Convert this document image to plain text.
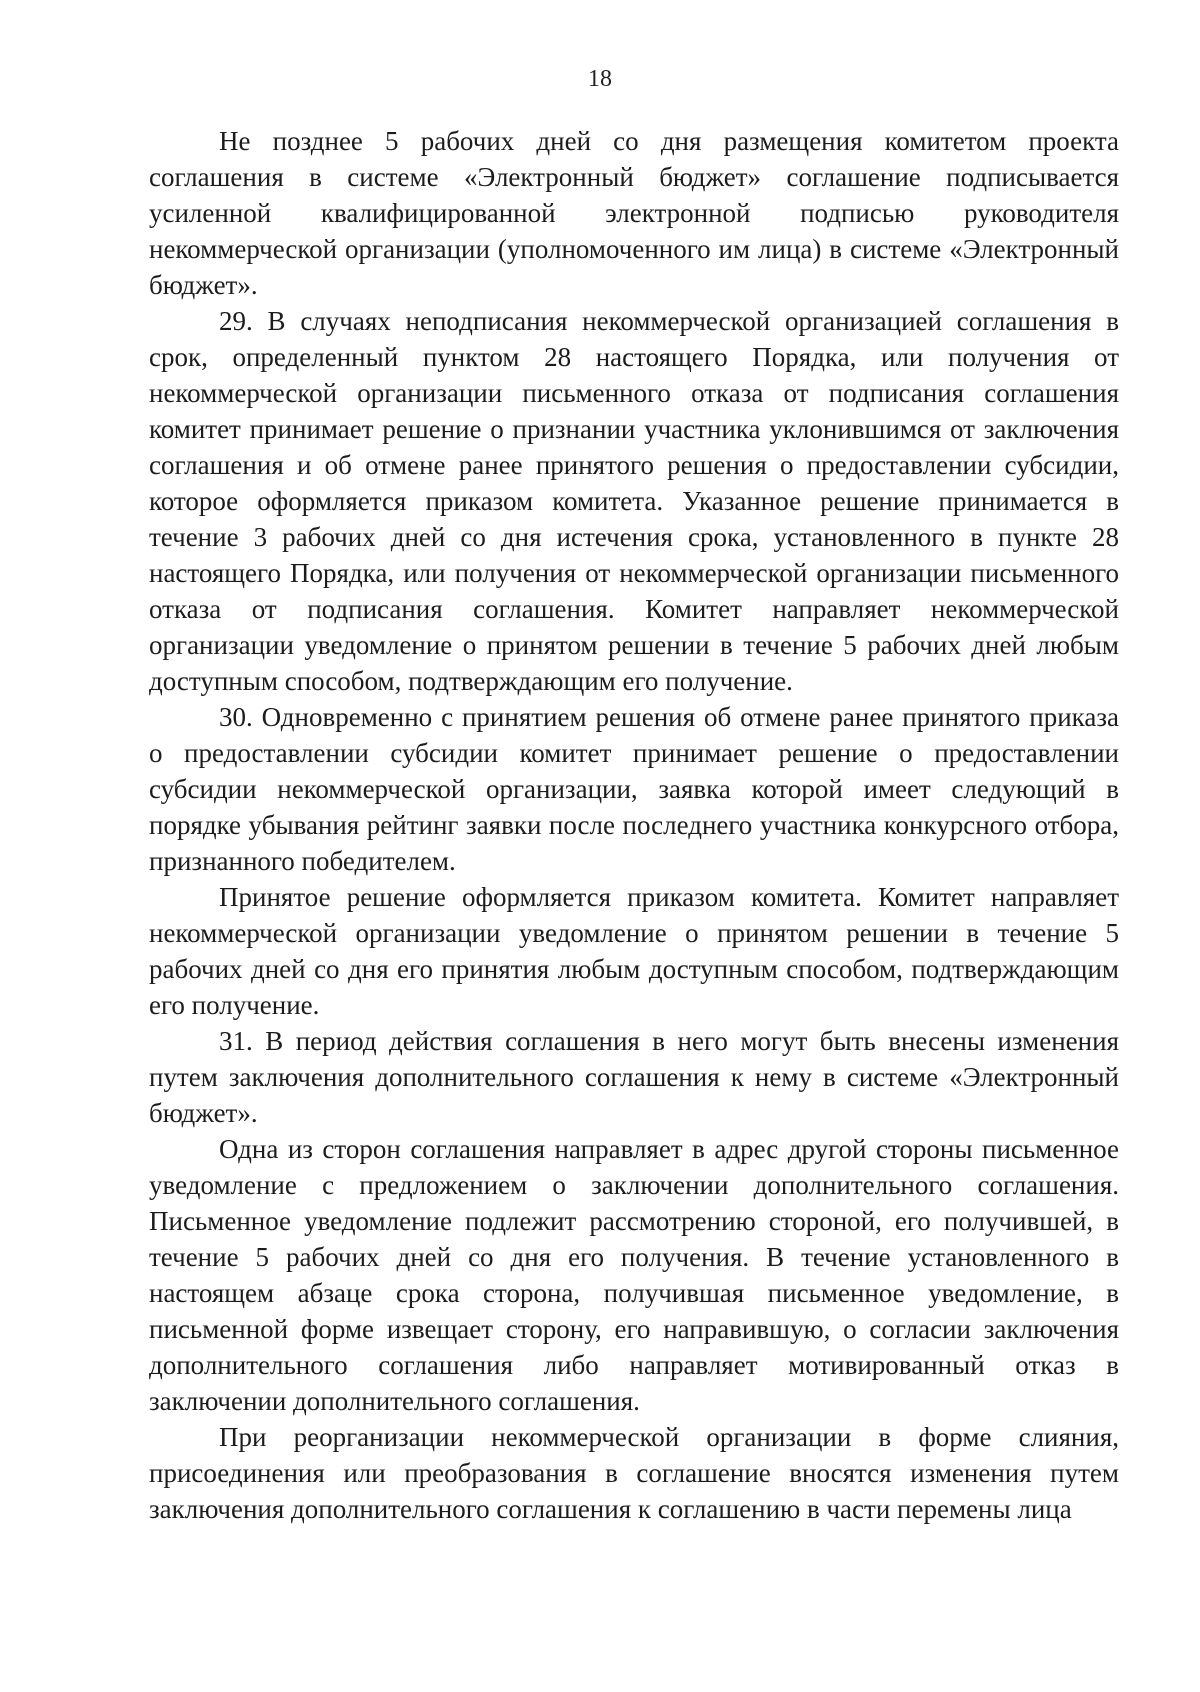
18

Не позднее 5 рабочих дней со дня размещения комитетом проекта соглашения в системе «Электронный бюджет» соглашение подписывается усиленной квалифицированной электронной подписью руководителя некоммерческой организации (уполномоченного им лица) в системе «Электронный бюджет».

29. В случаях неподписания некоммерческой организацией соглашения в срок, определенный пунктом 28 настоящего Порядка, или получения от некоммерческой организации письменного отказа от подписания соглашения комитет принимает решение о признании участника уклонившимся от заключения соглашения и об отмене ранее принятого решения о предоставлении субсидии, которое оформляется приказом комитета. Указанное решение принимается в течение 3 рабочих дней со дня истечения срока, установленного в пункте 28 настоящего Порядка, или получения от некоммерческой организации письменного отказа от подписания соглашения. Комитет направляет некоммерческой организации уведомление о принятом решении в течение 5 рабочих дней любым доступным способом, подтверждающим его получение.

30. Одновременно с принятием решения об отмене ранее принятого приказа о предоставлении субсидии комитет принимает решение о предоставлении субсидии некоммерческой организации, заявка которой имеет следующий в порядке убывания рейтинг заявки после последнего участника конкурсного отбора, признанного победителем.

Принятое решение оформляется приказом комитета. Комитет направляет некоммерческой организации уведомление о принятом решении в течение 5 рабочих дней со дня его принятия любым доступным способом, подтверждающим его получение.

31. В период действия соглашения в него могут быть внесены изменения путем заключения дополнительного соглашения к нему в системе «Электронный бюджет».

Одна из сторон соглашения направляет в адрес другой стороны письменное уведомление с предложением о заключении дополнительного соглашения. Письменное уведомление подлежит рассмотрению стороной, его получившей, в течение 5 рабочих дней со дня его получения. В течение установленного в настоящем абзаце срока сторона, получившая письменное уведомление, в письменной форме извещает сторону, его направившую, о согласии заключения дополнительного соглашения либо направляет мотивированный отказ в заключении дополнительного соглашения.

При реорганизации некоммерческой организации в форме слияния, присоединения или преобразования в соглашение вносятся изменения путем заключения дополнительного соглашения к соглашению в части перемены лица
